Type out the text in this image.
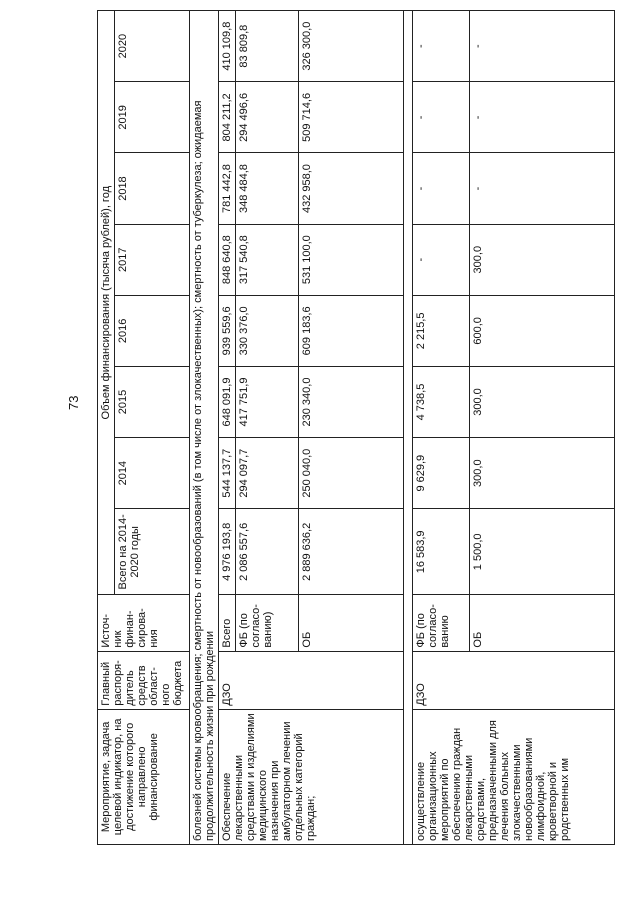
73
Мероприятие, задача целевой индикатор, на достижение которого направлено финансирование	Главный распоря- дитель средств област- ного бюджета	Источ- ник финан- сирова- ния	Объем финансирования (тысяча рублей), год							
			Всего на 2014-2020 годы	2014	2015	2016	2017	2018	2019	2020
болезней системы кровообращения; смертность от новообразований (в том числе от злокачественных); смертность от туберкулеза; ожидаемая продолжительность жизни при рождении										
Обеспечение лекарственными средствами и изделиями медицинского назначения при амбулаторном лечении отдельных категорий граждан;	ДЗО	Всего	4 976 193,8	544 137,7	648 091,9	939 559,6	848 640,8	781 442,8	804 211,2	410 109,8
		ФБ (по согласо- ванию)	2 086 557,6	294 097,7	417 751,9	330 376,0	317 540,8	348 484,8	294 496,6	83 809,8
		ОБ	2 889 636,2	250 040,0	230 340,0	609 183,6	531 100,0	432 958,0	509 714,6	326 300,0

осуществление организационных мероприятий по обеспечению граждан лекарственными средствами, предназначенными для лечения больных злокачественными новообразованиями лимфоидной, кроветворной и родственных им	ДЗО	ФБ (по согласо- ванию	16 583,9	9 629,9	4 738,5	2 215,5	-	-	-	-
		ОБ	1 500,0	300,0	300,0	600,0	300,0	-	-	-
